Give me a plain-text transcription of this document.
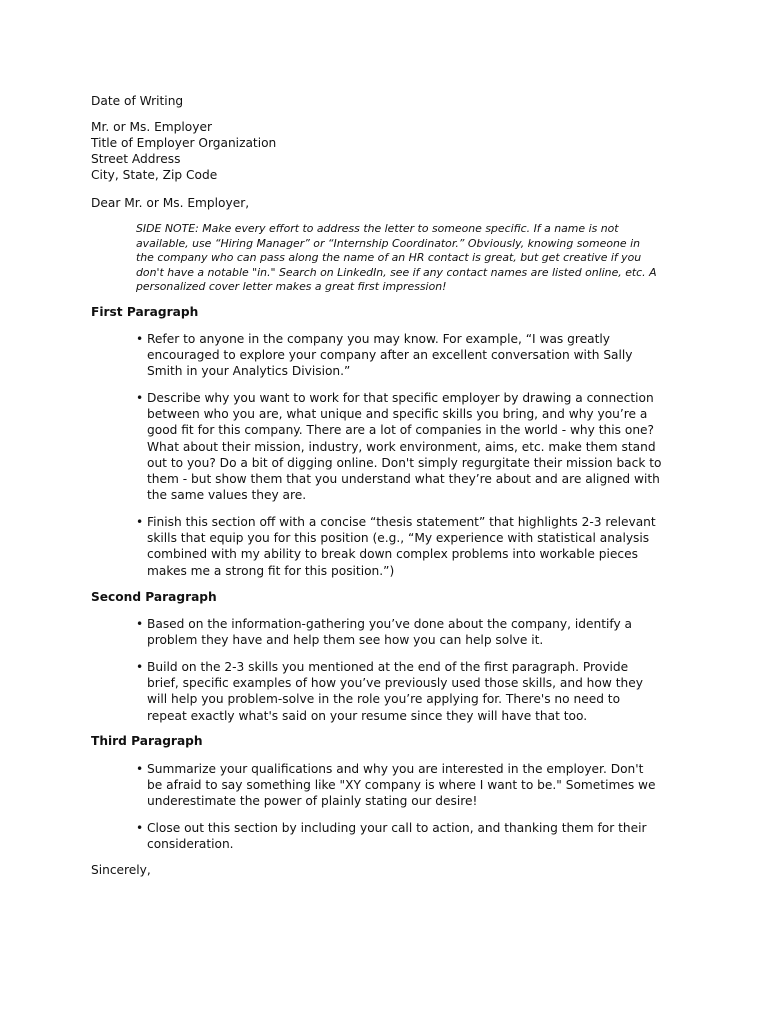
Date of Writing
Mr. or Ms. Employer
Title of Employer Organization
Street Address
City, State, Zip Code
Dear Mr. or Ms. Employer,
SIDE NOTE: Make every effort to address the letter to someone specific. If a name is not
available, use “Hiring Manager” or “Internship Coordinator.” Obviously, knowing someone in
the company who can pass along the name of an HR contact is great, but get creative if you
don't have a notable "in." Search on LinkedIn, see if any contact names are listed online, etc. A
personalized cover letter makes a great first impression!
First Paragraph
• Refer to anyone in the company you may know. For example, “I was greatly
encouraged to explore your company after an excellent conversation with Sally
Smith in your Analytics Division.”
• Describe why you want to work for that specific employer by drawing a connection
between who you are, what unique and specific skills you bring, and why you’re a
good fit for this company. There are a lot of companies in the world - why this one?
What about their mission, industry, work environment, aims, etc. make them stand
out to you? Do a bit of digging online. Don't simply regurgitate their mission back to
them - but show them that you understand what they’re about and are aligned with
the same values they are.
• Finish this section off with a concise “thesis statement” that highlights 2-3 relevant
skills that equip you for this position (e.g., “My experience with statistical analysis
combined with my ability to break down complex problems into workable pieces
makes me a strong fit for this position.”)
Second Paragraph
• Based on the information-gathering you’ve done about the company, identify a
problem they have and help them see how you can help solve it.
• Build on the 2-3 skills you mentioned at the end of the first paragraph. Provide
brief, specific examples of how you’ve previously used those skills, and how they
will help you problem-solve in the role you’re applying for. There's no need to
repeat exactly what's said on your resume since they will have that too.
Third Paragraph
• Summarize your qualifications and why you are interested in the employer. Don't
be afraid to say something like "XY company is where I want to be." Sometimes we
underestimate the power of plainly stating our desire!
• Close out this section by including your call to action, and thanking them for their
consideration.
Sincerely,
